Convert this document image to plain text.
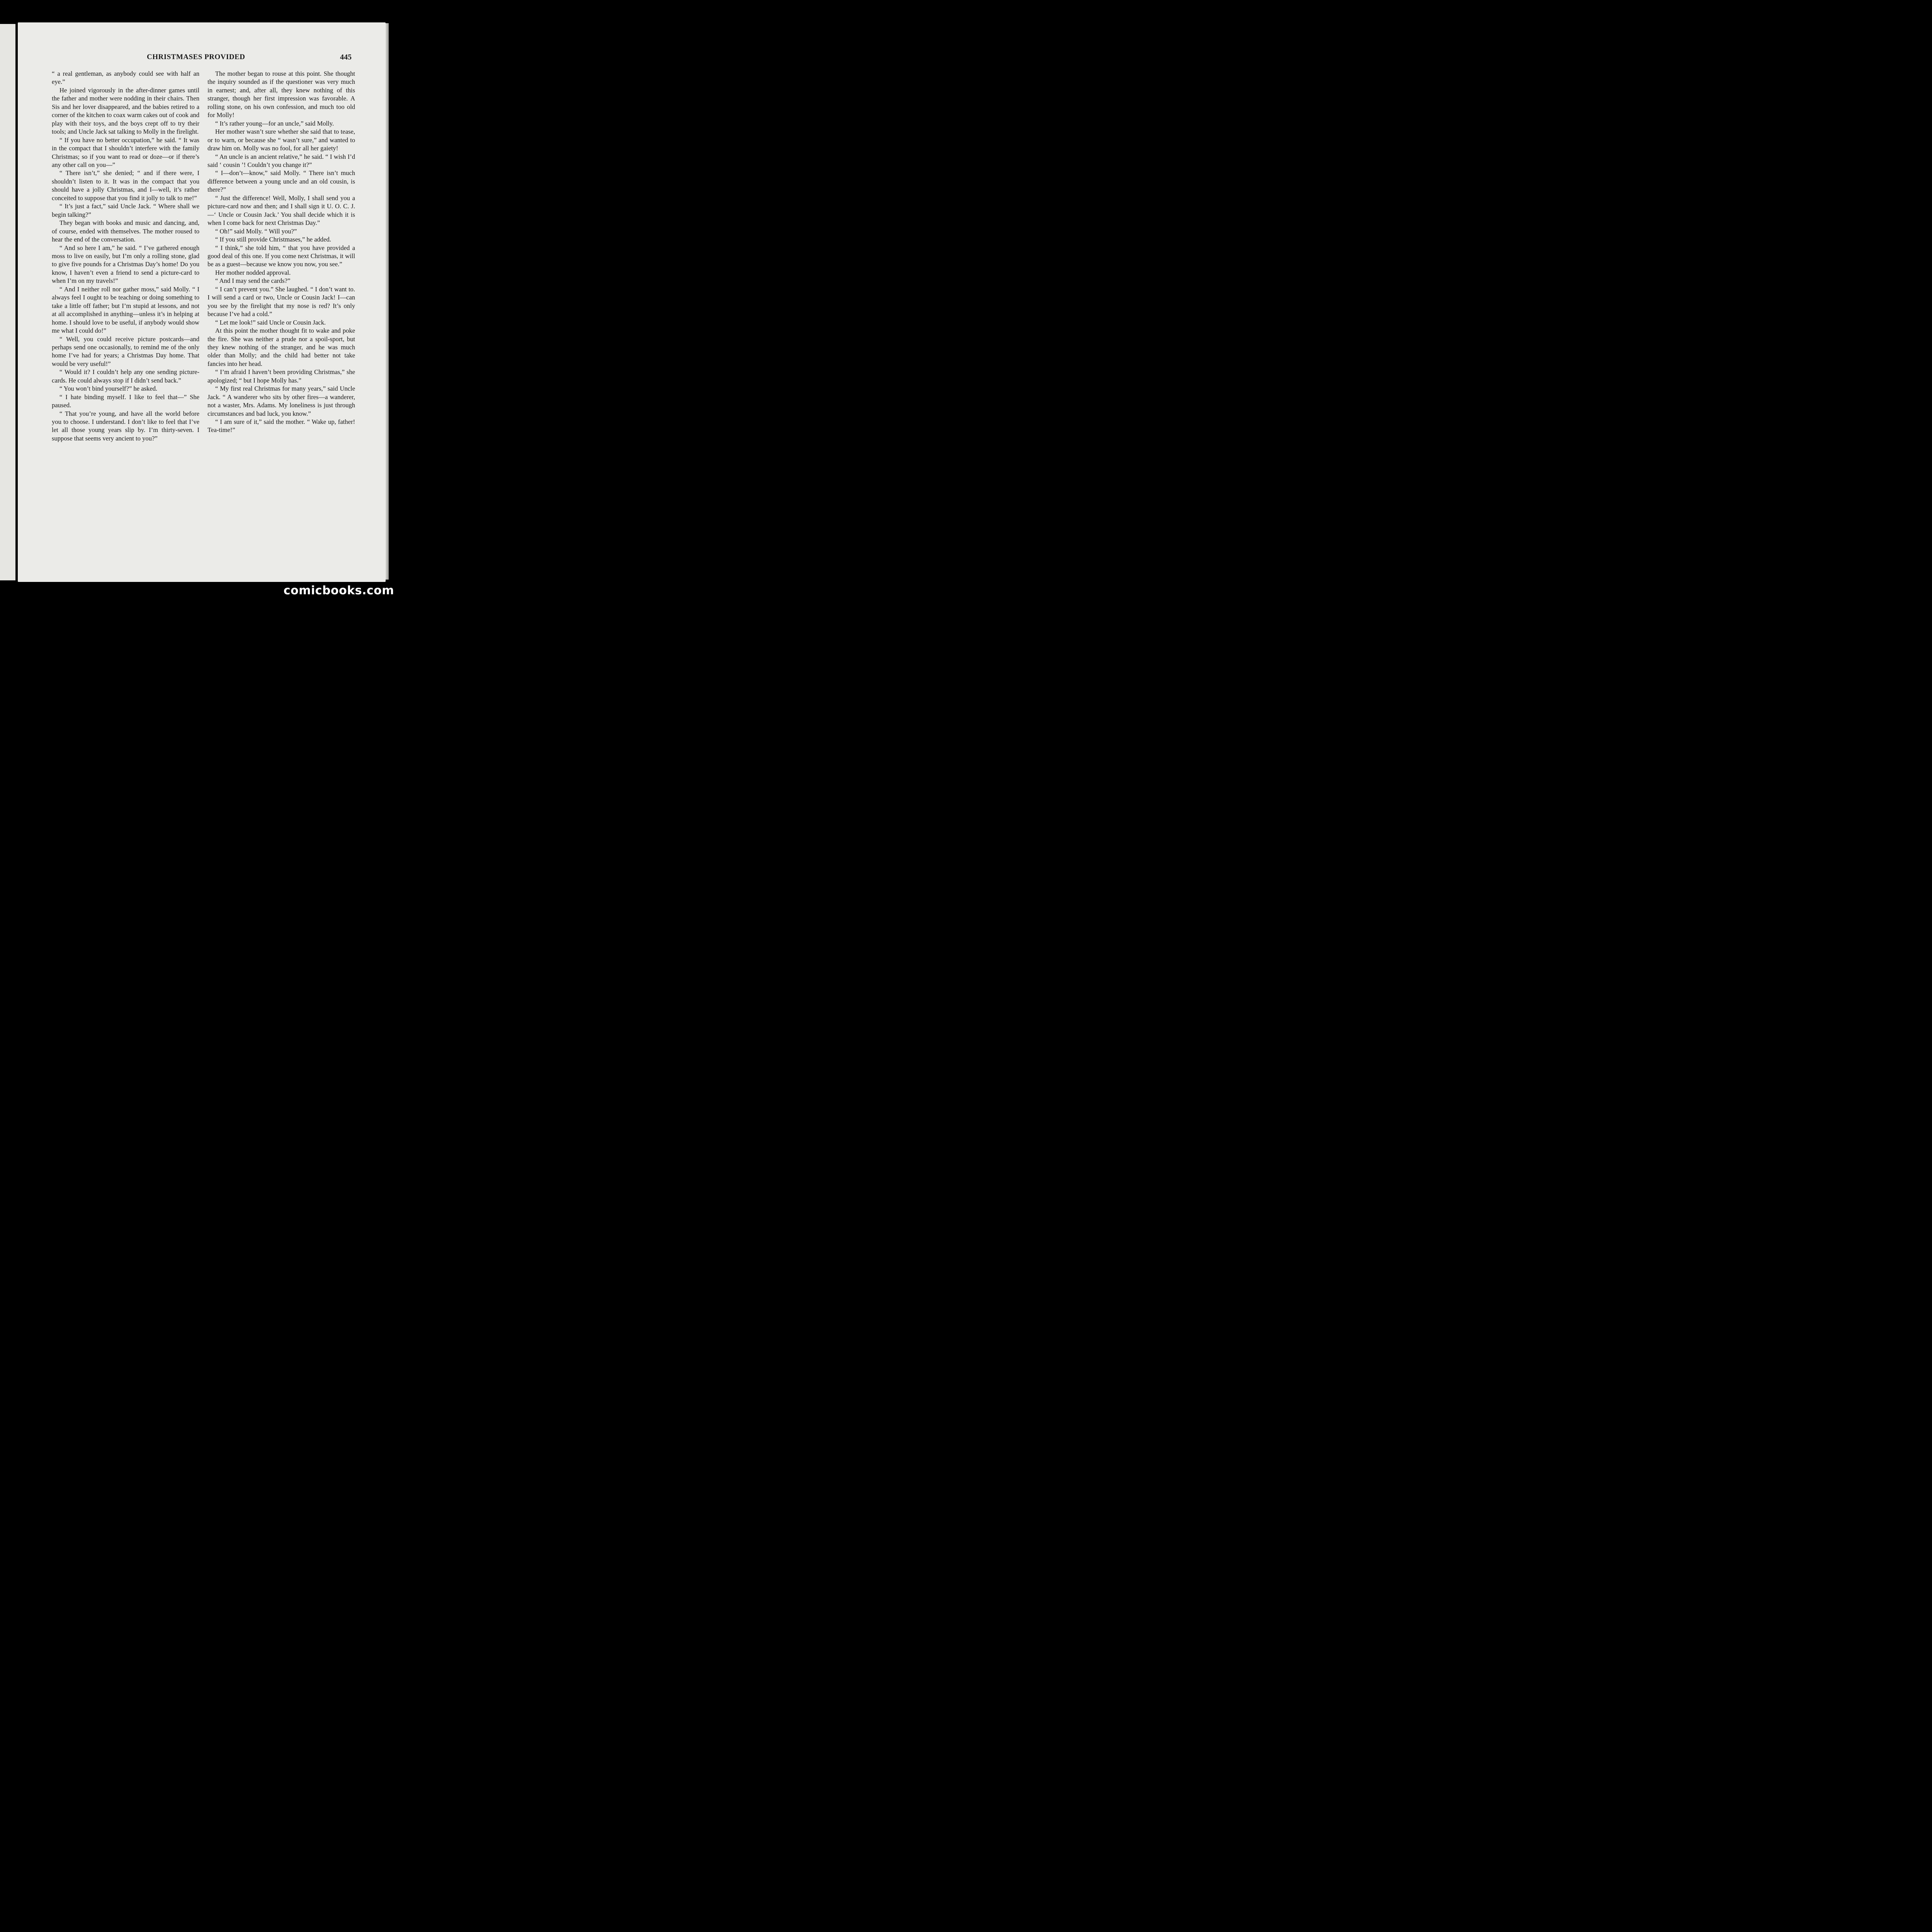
CHRISTMASES PROVIDED	445

“ a real gentleman, as anybody could see with half an eye.”

He joined vigorously in the after-dinner games until the father and mother were nodding in their chairs. Then Sis and her lover disappeared, and the babies retired to a corner of the kitchen to coax warm cakes out of cook and play with their toys, and the boys crept off to try their tools; and Uncle Jack sat talking to Molly in the firelight.

“ If you have no better occupation,” he said. “ It was in the compact that I shouldn’t interfere with the family Christmas; so if you want to read or doze—or if there’s any other call on you—”

“ There isn’t,” she denied; “ and if there were, I shouldn’t listen to it. It was in the compact that you should have a jolly Christmas, and I—well, it’s rather conceited to suppose that you find it jolly to talk to me!”

“ It’s just a fact,” said Uncle Jack. “ Where shall we begin talking?”

They began with books and music and dancing, and, of course, ended with themselves. The mother roused to hear the end of the conversation.

“ And so here I am,” he said. “ I’ve gathered enough moss to live on easily, but I’m only a rolling stone, glad to give five pounds for a Christmas Day’s home! Do you know, I haven’t even a friend to send a picture-card to when I’m on my travels!”

“ And I neither roll nor gather moss,” said Molly. “ I always feel I ought to be teaching or doing something to take a little off father; but I’m stupid at lessons, and not at all accomplished in anything—unless it’s in helping at home. I should love to be useful, if anybody would show me what I could do!”

“ Well, you could receive picture postcards—and perhaps send one occasionally, to remind me of the only home I’ve had for years; a Christmas Day home. That would be very useful!”

“ Would it? I couldn’t help any one sending picture-cards. He could always stop if I didn’t send back.”

“ You won’t bind yourself?” he asked.

“ I hate binding myself. I like to feel that—” She paused.

“ That you’re young, and have all the world before you to choose. I understand. I don’t like to feel that I’ve let all those young years slip by. I’m thirty-seven. I suppose that seems very ancient to you?”

The mother began to rouse at this point. She thought the inquiry sounded as if the questioner was very much in earnest; and, after all, they knew nothing of this stranger, though her first impression was favorable. A rolling stone, on his own confession, and much too old for Molly!

“ It’s rather young—for an uncle,” said Molly.

Her mother wasn’t sure whether she said that to tease, or to warn, or because she “ wasn’t sure,” and wanted to draw him on. Molly was no fool, for all her gaiety!

“ An uncle is an ancient relative,” he said. “ I wish I’d said ‘ cousin ’! Couldn’t you change it?”

“ I—don’t—know,” said Molly. “ There isn’t much difference between a young uncle and an old cousin, is there?”

“ Just the difference! Well, Molly, I shall send you a picture-card now and then; and I shall sign it U. O. C. J.—‘ Uncle or Cousin Jack.’ You shall decide which it is when I come back for next Christmas Day.”

“ Oh!” said Molly. “ Will you?”

“ If you still provide Christmases,” he added.

“ I think,” she told him, “ that you have provided a good deal of this one. If you come next Christmas, it will be as a guest—because we know you now, you see.”

Her mother nodded approval.

“ And I may send the cards?”

“ I can’t prevent you.” She laughed. “ I don’t want to. I will send a card or two, Uncle or Cousin Jack! I—can you see by the firelight that my nose is red? It’s only because I’ve had a cold.”

“ Let me look!” said Uncle or Cousin Jack.

At this point the mother thought fit to wake and poke the fire. She was neither a prude nor a spoil-sport, but they knew nothing of the stranger, and he was much older than Molly; and the child had better not take fancies into her head.

“ I’m afraid I haven’t been providing Christmas,” she apologized; “ but I hope Molly has.”

“ My first real Christmas for many years,” said Uncle Jack. “ A wanderer who sits by other fires—a wanderer, not a waster, Mrs. Adams. My loneliness is just through circumstances and bad luck, you know.”

“ I am sure of it,” said the mother. “ Wake up, father! Tea-time!”

comicbooks.com
